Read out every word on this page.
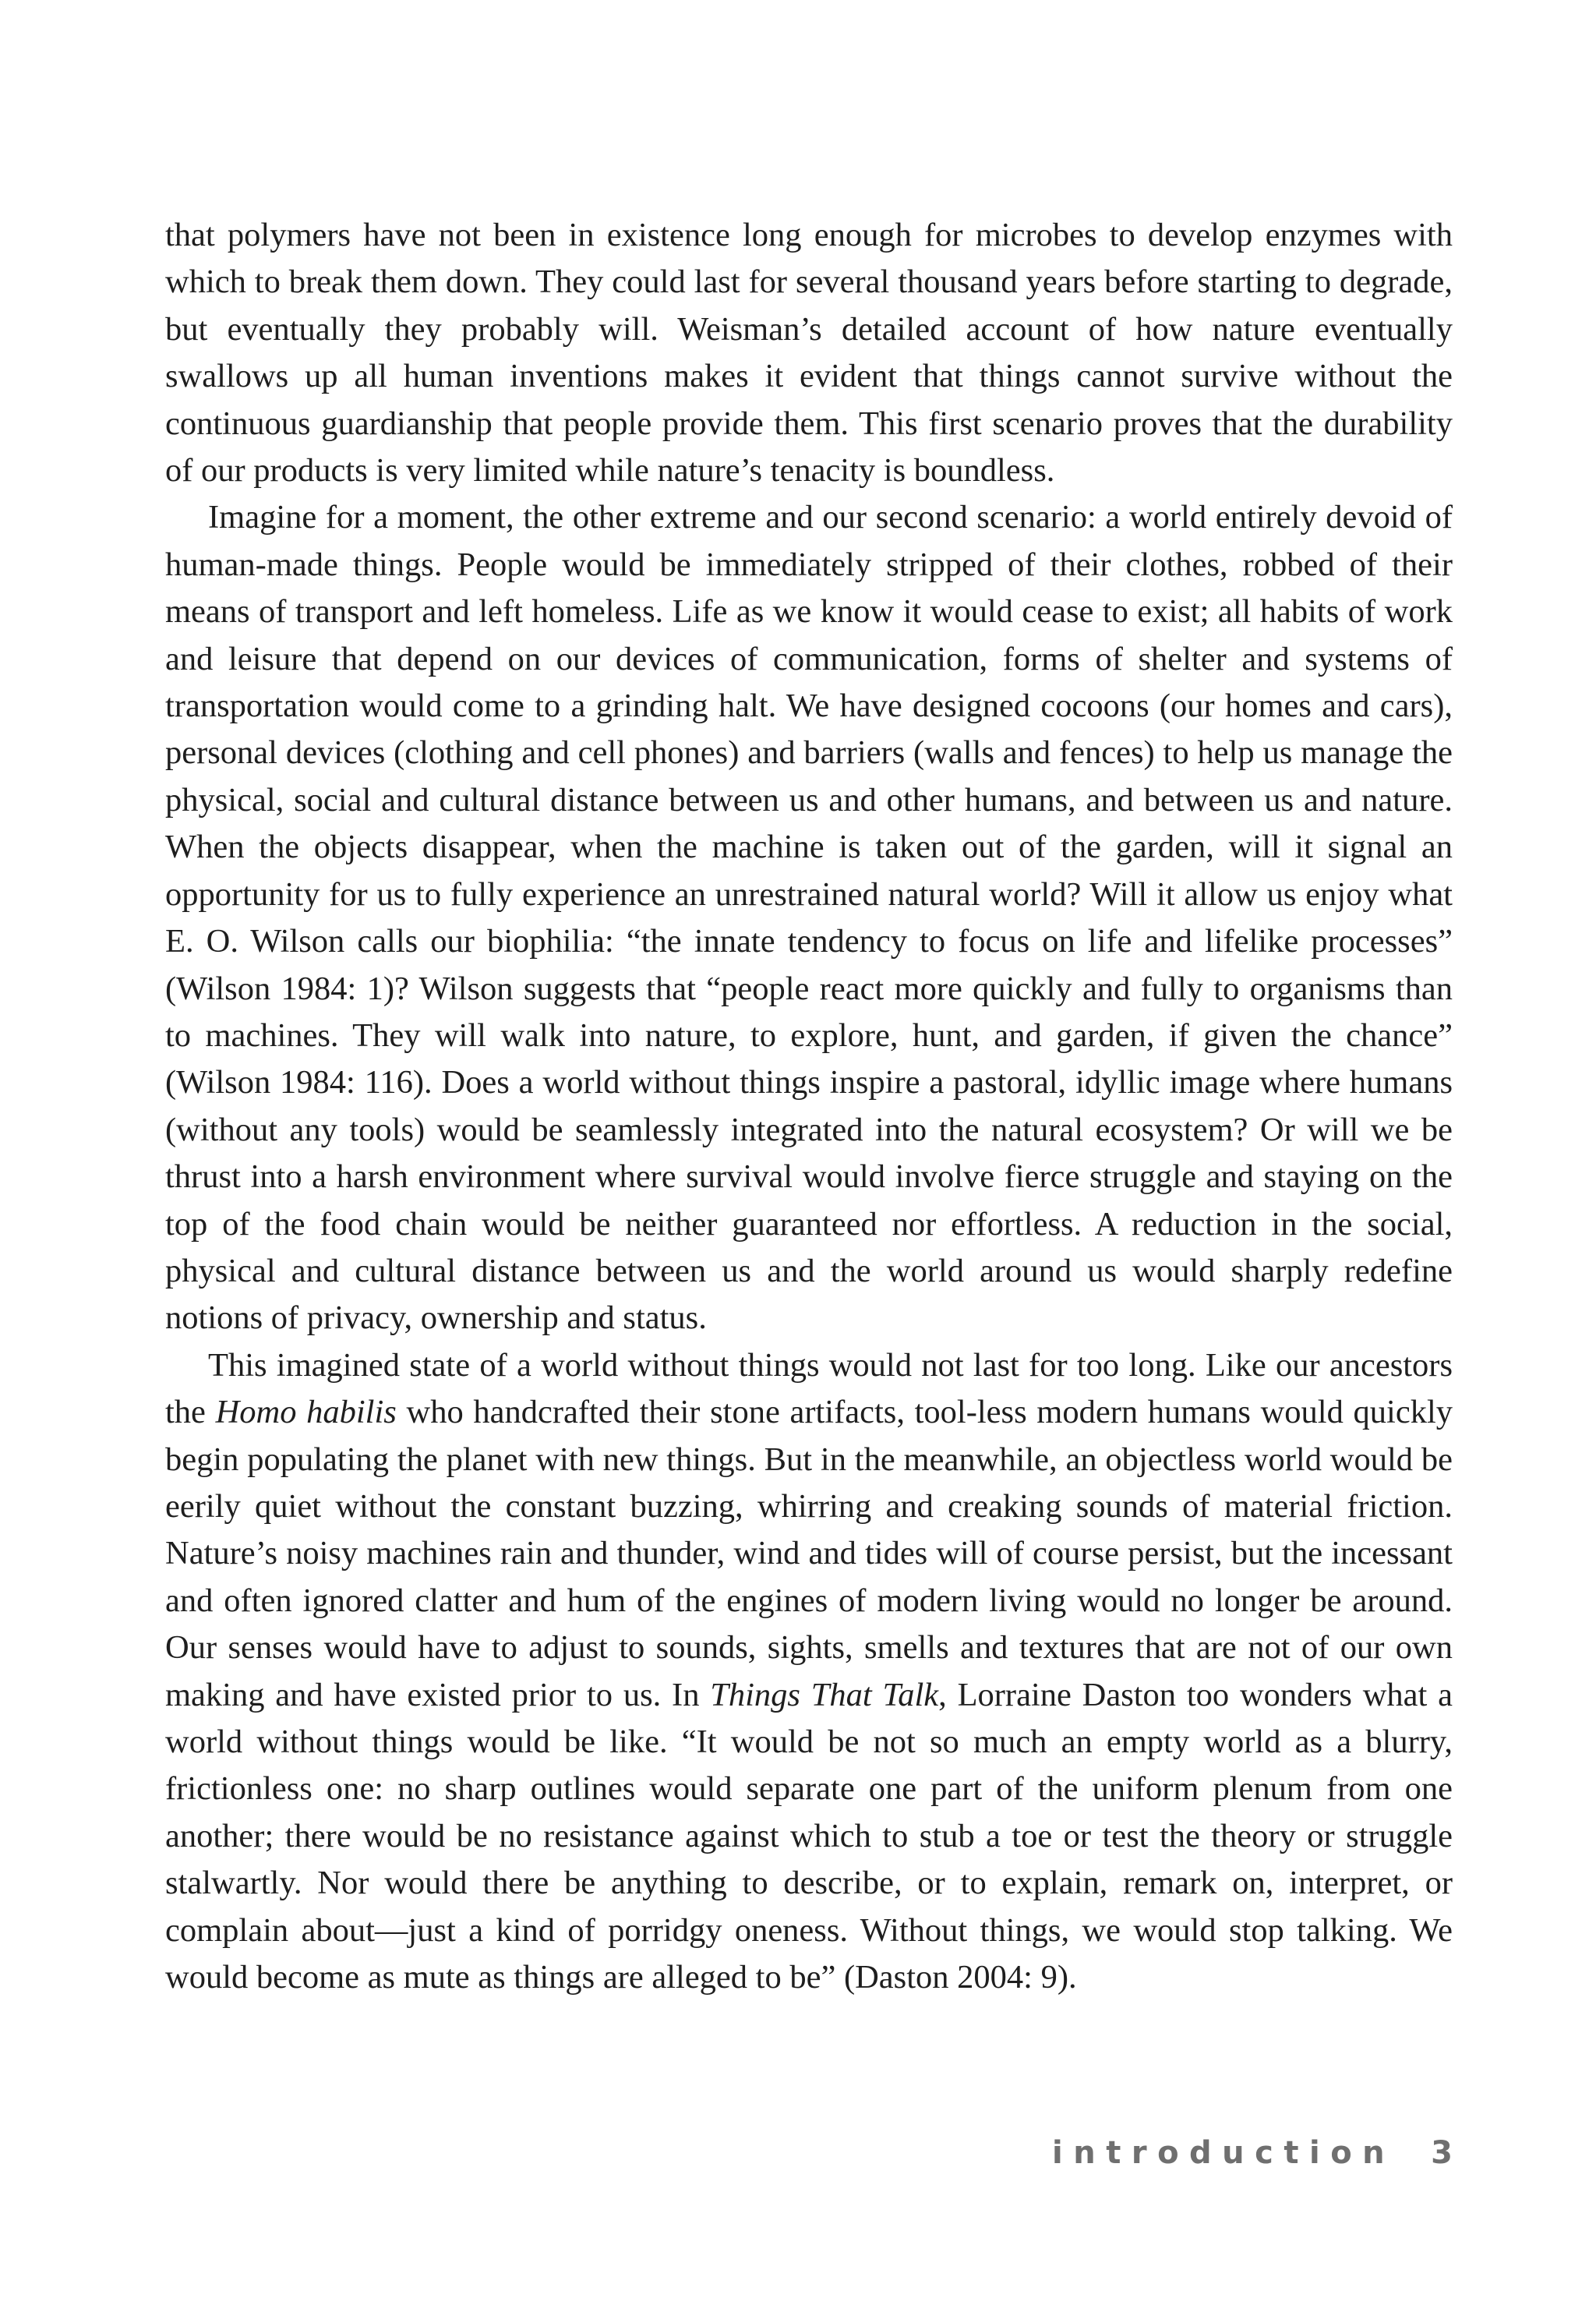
that polymers have not been in existence long enough for microbes to develop enzymes with which to break them down. They could last for several thousand years before starting to degrade, but eventually they probably will. Weisman’s detailed account of how nature eventually swallows up all human inventions makes it evident that things cannot survive without the continuous guardianship that people provide them. This first scenario proves that the durability of our products is very limited while nature’s tenacity is boundless.

Imagine for a moment, the other extreme and our second scenario: a world entirely devoid of human-made things. People would be immediately stripped of their clothes, robbed of their means of transport and left homeless. Life as we know it would cease to exist; all habits of work and leisure that depend on our devices of communication, forms of shelter and systems of transportation would come to a grinding halt. We have designed cocoons (our homes and cars), personal devices (clothing and cell phones) and barriers (walls and fences) to help us manage the physical, social and cultural distance between us and other humans, and between us and nature. When the objects disappear, when the machine is taken out of the garden, will it signal an opportunity for us to fully experience an unrestrained natural world? Will it allow us enjoy what E. O. Wilson calls our biophilia: “the innate tendency to focus on life and lifelike processes” (Wilson 1984: 1)? Wilson suggests that “people react more quickly and fully to organisms than to machines. They will walk into nature, to explore, hunt, and garden, if given the chance” (Wilson 1984: 116). Does a world without things inspire a pastoral, idyllic image where humans (without any tools) would be seamlessly integrated into the natural ecosystem? Or will we be thrust into a harsh environment where survival would involve fierce struggle and staying on the top of the food chain would be neither guaranteed nor effortless. A reduction in the social, physical and cultural distance between us and the world around us would sharply redefine notions of privacy, ownership and status.

This imagined state of a world without things would not last for too long. Like our ancestors the Homo habilis who handcrafted their stone artifacts, tool-less modern humans would quickly begin populating the planet with new things. But in the meanwhile, an objectless world would be eerily quiet without the constant buzzing, whirring and creaking sounds of material friction. Nature’s noisy machines rain and thunder, wind and tides will of course persist, but the incessant and often ignored clatter and hum of the engines of modern living would no longer be around. Our senses would have to adjust to sounds, sights, smells and textures that are not of our own making and have existed prior to us. In Things That Talk, Lorraine Daston too wonders what a world without things would be like. “It would be not so much an empty world as a blurry, frictionless one: no sharp outlines would separate one part of the uniform plenum from one another; there would be no resistance against which to stub a toe or test the theory or struggle stalwartly. Nor would there be anything to describe, or to explain, remark on, interpret, or complain about—just a kind of porridgy oneness. Without things, we would stop talking. We would become as mute as things are alleged to be” (Daston 2004: 9).

introduction 3
